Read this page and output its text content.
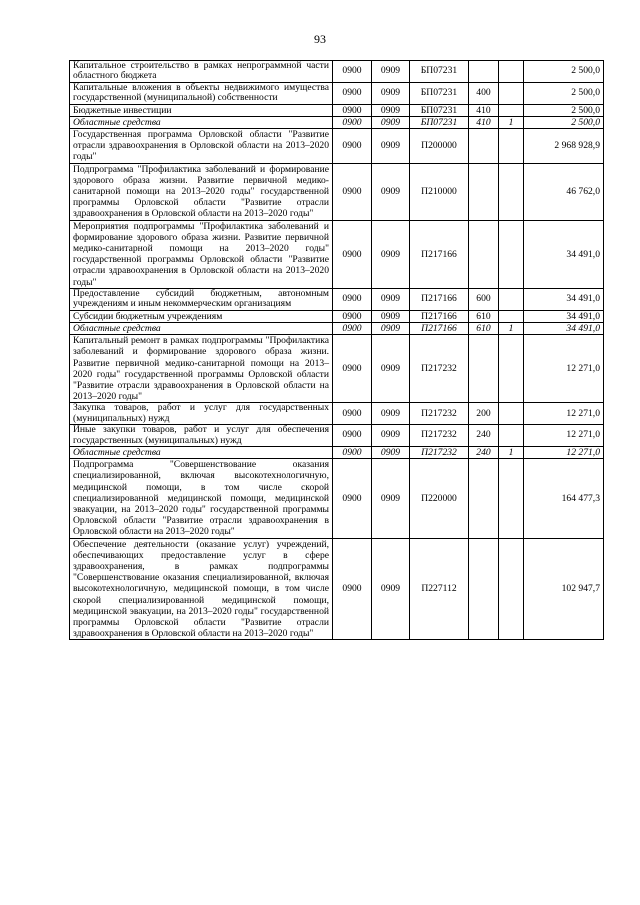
93
Капитальное строительство в рамках непрограммной части областного бюджета	0900	0909	БП07231			2 500,0
Капитальные вложения в объекты недвижимого имущества государственной (муниципальной) собственности	0900	0909	БП07231	400		2 500,0
Бюджетные инвестиции	0900	0909	БП07231	410		2 500,0
Областные средства	0900	0909	БП07231	410	1	2 500,0
Государственная программа Орловской области "Развитие отрасли здравоохранения в Орловской области на 2013–2020 годы"	0900	0909	П200000			2 968 928,9
Подпрограмма "Профилактика заболеваний и формирование здорового образа жизни. Развитие первичной медико-санитарной помощи на 2013–2020 годы" государственной программы Орловской области "Развитие отрасли здравоохранения в Орловской области на 2013–2020 годы"	0900	0909	П210000			46 762,0
Мероприятия подпрограммы "Профилактика заболеваний и формирование здорового образа жизни. Развитие первичной медико-санитарной помощи на 2013–2020 годы" государственной программы Орловской области "Развитие отрасли здравоохранения в Орловской области на 2013–2020 годы"	0900	0909	П217166			34 491,0
Предоставление субсидий бюджетным, автономным учреждениям и иным некоммерческим организациям	0900	0909	П217166	600		34 491,0
Субсидии бюджетным учреждениям	0900	0909	П217166	610		34 491,0
Областные средства	0900	0909	П217166	610	1	34 491,0
Капитальный ремонт в рамках подпрограммы "Профилактика заболеваний и формирование здорового образа жизни. Развитие первичной медико-санитарной помощи на 2013–2020 годы" государственной программы Орловской области "Развитие отрасли здравоохранения в Орловской области на 2013–2020 годы"	0900	0909	П217232			12 271,0
Закупка товаров, работ и услуг для государственных (муниципальных) нужд	0900	0909	П217232	200		12 271,0
Иные закупки товаров, работ и услуг для обеспечения государственных (муниципальных) нужд	0900	0909	П217232	240		12 271,0
Областные средства	0900	0909	П217232	240	1	12 271,0
Подпрограмма "Совершенствование оказания специализированной, включая высокотехнологичную, медицинской помощи, в том числе скорой специализированной медицинской помощи, медицинской эвакуации, на 2013–2020 годы" государственной программы Орловской области "Развитие отрасли здравоохранения в Орловской области на 2013–2020 годы"	0900	0909	П220000			164 477,3
Обеспечение деятельности (оказание услуг) учреждений, обеспечивающих предоставление услуг в сфере здравоохранения, в рамках подпрограммы "Совершенствование оказания специализированной, включая высокотехнологичную, медицинской помощи, в том числе скорой специализированной медицинской помощи, медицинской эвакуации, на 2013–2020 годы" государственной программы Орловской области "Развитие отрасли здравоохранения в Орловской области на 2013–2020 годы"	0900	0909	П227112			102 947,7
